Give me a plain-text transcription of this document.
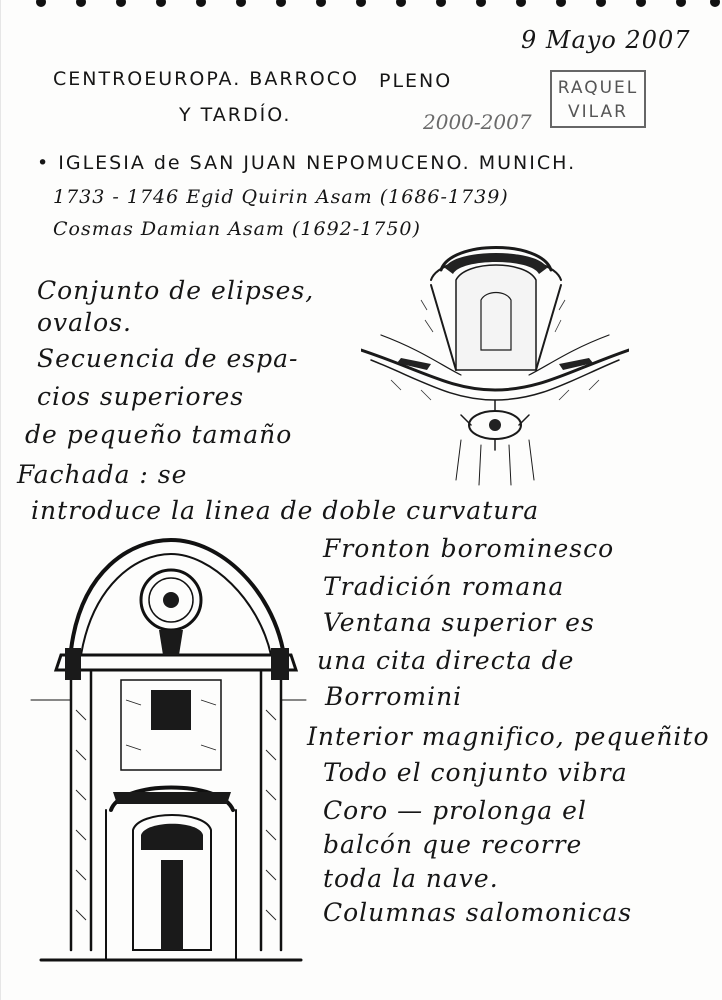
9 Mayo 2007
CENTROEUROPA. BARROCO PLENO
Y TARDÍO.	2000-2007
RAQUEL
VILAR
• IGLESIA de SAN JUAN NEPOMUCENO. MUNICH.
1733 - 1746 Egid Quirin Asam (1686-1739)
Cosmas Damian Asam (1692-1750)
Conjunto de elipses,
ovalos.
Secuencia de espa-
cios superiores
de pequeño tamaño
Fachada : se
introduce la linea de doble curvatura
Fronton borominesco
Tradición romana
Ventana superior es
una cita directa de
Borromini
Interior magnifico, pequeñito
Todo el conjunto vibra
Coro — prolonga el
balcón que recorre
toda la nave.
Columnas salomonicas
